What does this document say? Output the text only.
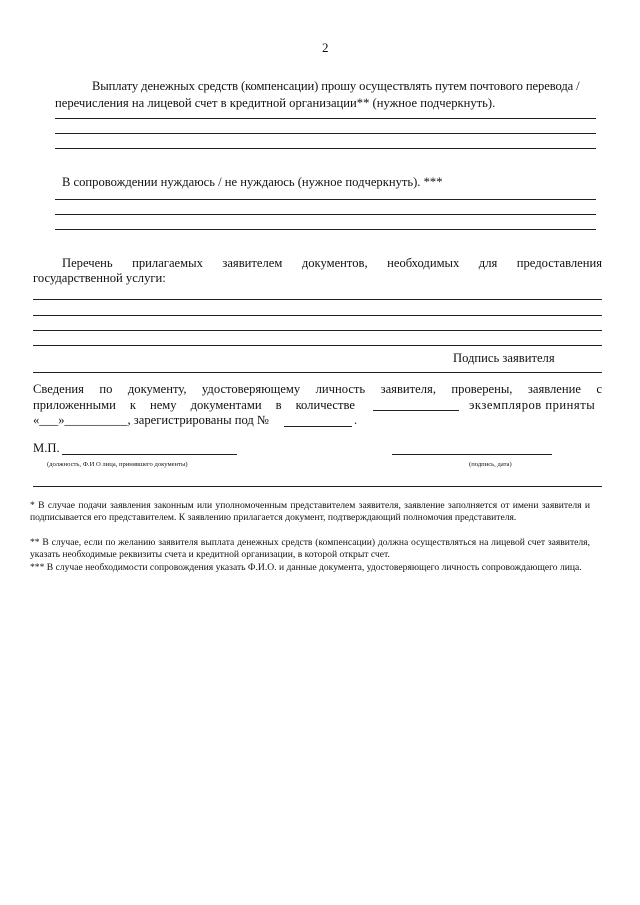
2
Выплату денежных средств (компенсации) прошу осуществлять путем почтового перевода /
перечисления на лицевой счет в кредитной организации** (нужное подчеркнуть).
В сопровождении нуждаюсь / не нуждаюсь (нужное подчеркнуть). ***
Перечень прилагаемых заявителем документов, необходимых для предоставления
государственной услуги:
Подпись заявителя
Сведения по документу, удостоверяющему личность заявителя, проверены, заявление с
приложенными к нему документами в количестве	экземпляров приняты
«___»__________, зарегистрированы под №	.
М.П.
(должность, Ф.И О лица, принявшего документы)	(подпись, дата)
* В случае подачи заявления законным или уполномоченным представителем заявителя, заявление заполняется от имени заявителя и подписывается его представителем. К заявлению прилагается документ, подтверждающий полномочия представителя.
** В случае, если по желанию заявителя выплата денежных средств (компенсации) должна осуществляться на лицевой счет заявителя, указать необходимые реквизиты счета и кредитной организации, в которой открыт счет.
*** В случае необходимости сопровождения указать Ф.И.О. и данные документа, удостоверяющего личность сопровождающего лица.
